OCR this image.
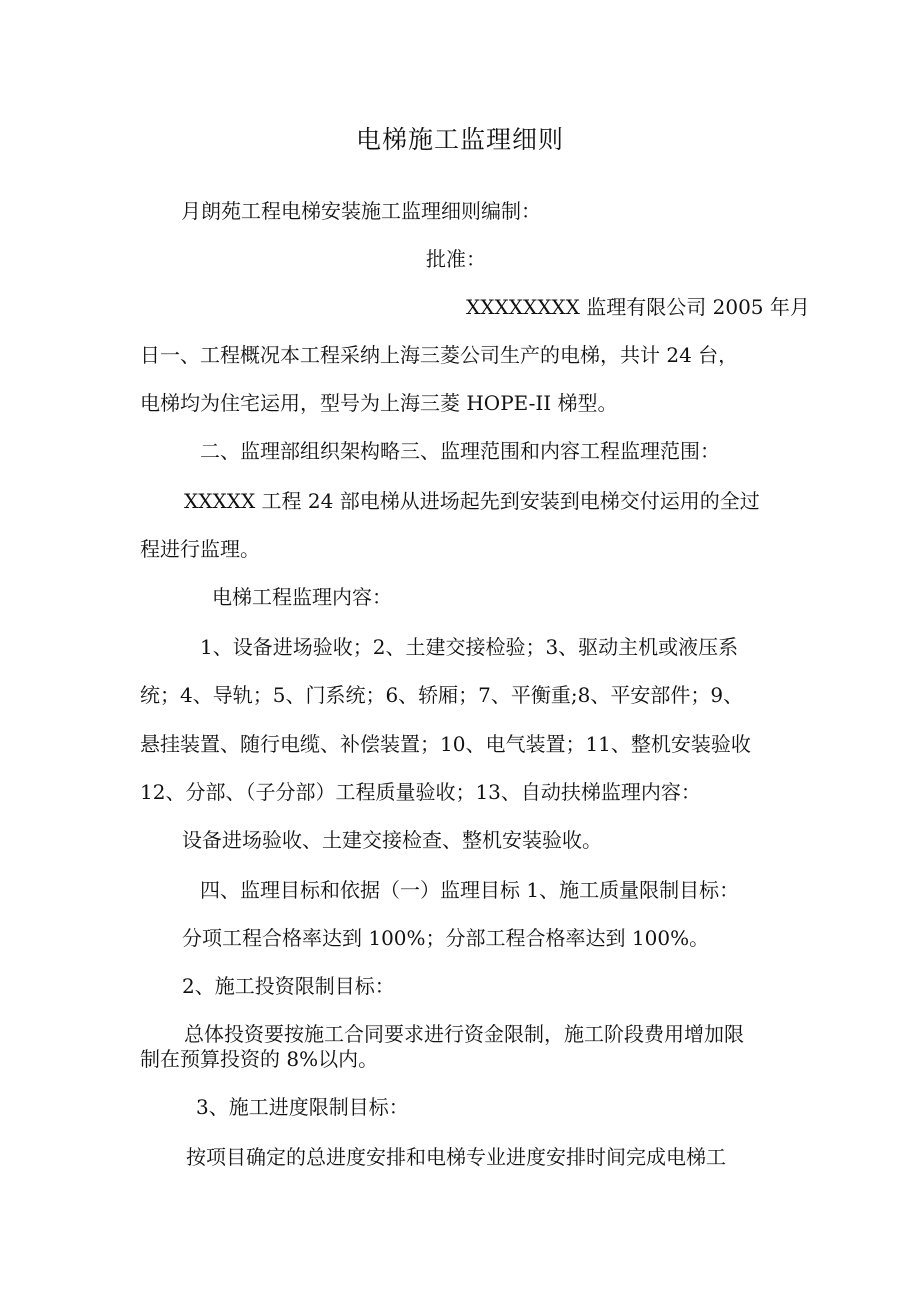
电梯施工监理细则
月朗苑工程电梯安装施工监理细则编制：
批准：
XXXXXXXX 监理有限公司 2005 年月
日一、工程概况本工程采纳上海三菱公司生产的电梯，共计 24 台，
电梯均为住宅运用，型号为上海三菱 HOPE-II 梯型。
二、监理部组织架构略三、监理范围和内容工程监理范围：
XXXXX 工程 24 部电梯从进场起先到安装到电梯交付运用的全过
程进行监理。
电梯工程监理内容：
1、设备进场验收；2、土建交接检验；3、驱动主机或液压系
统；4、导轨；5、门系统；6、轿厢；7、平衡重;8、平安部件；9、
悬挂装置、随行电缆、补偿装置；10、电气装置；11、整机安装验收
12、分部、（子分部）工程质量验收；13、自动扶梯监理内容：
设备进场验收、土建交接检查、整机安装验收。
四、监理目标和依据（一）监理目标 1、施工质量限制目标：
分项工程合格率达到 100%；分部工程合格率达到 100%。
2、施工投资限制目标：
总体投资要按施工合同要求进行资金限制，施工阶段费用增加限
制在预算投资的 8%以内。
3、施工进度限制目标：
按项目确定的总进度安排和电梯专业进度安排时间完成电梯工
